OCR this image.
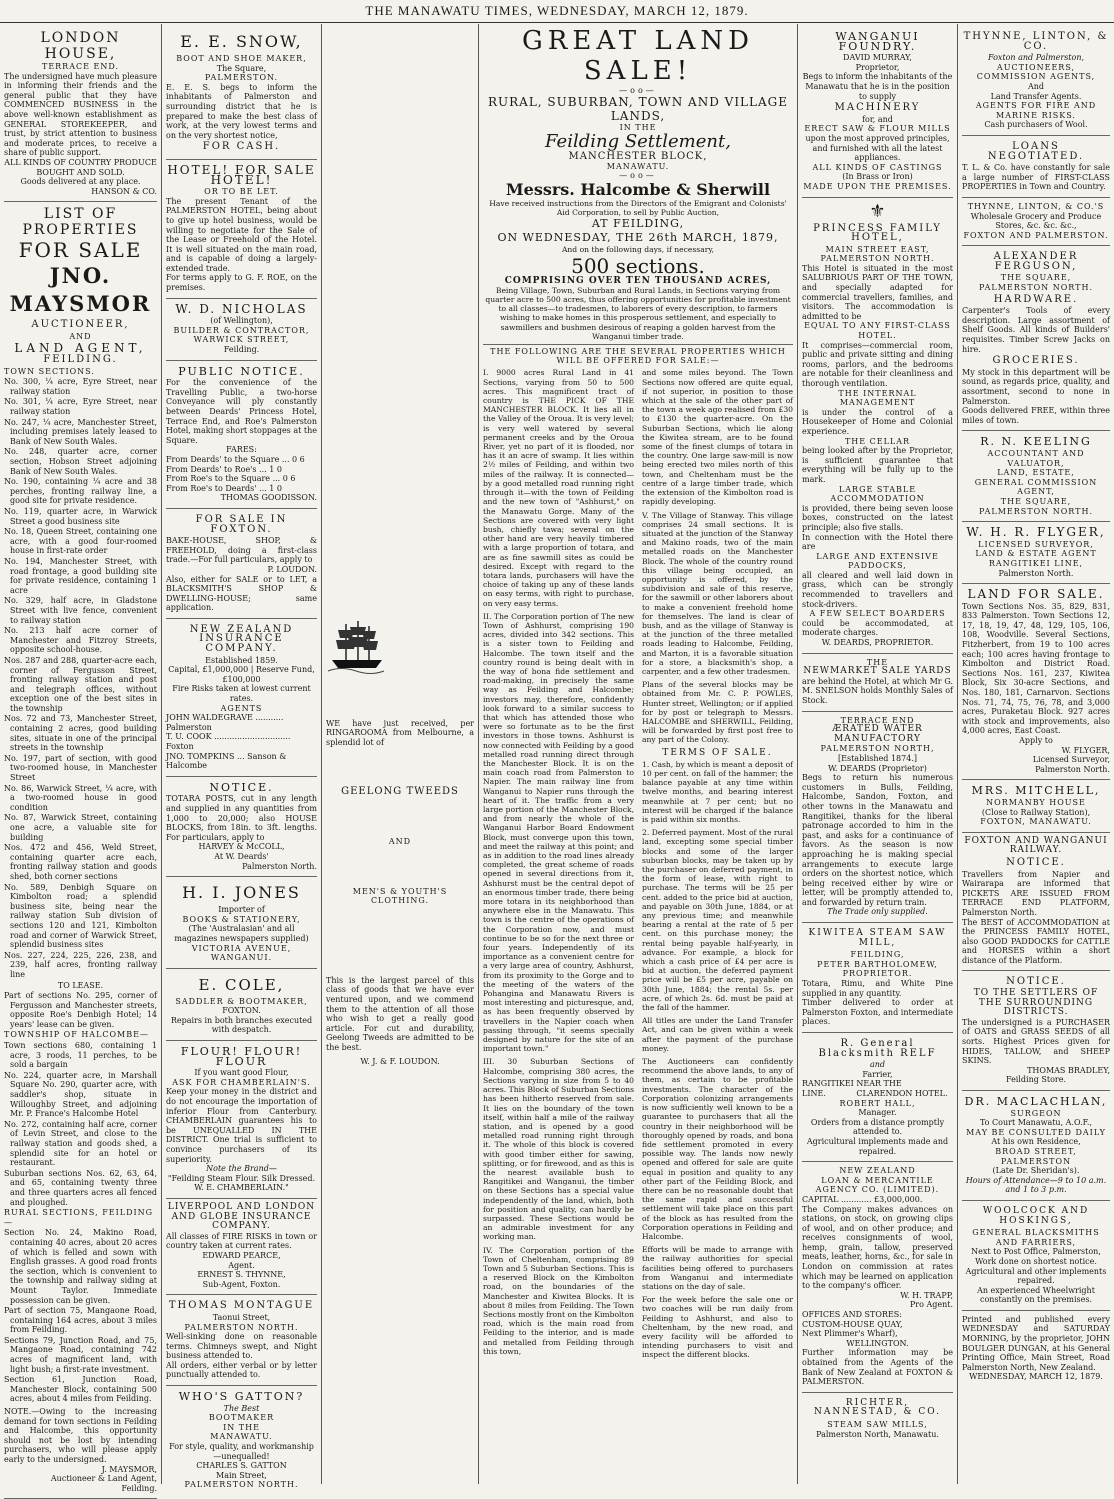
THE MANAWATU TIMES, WEDNESDAY, MARCH 12, 1879.
LONDON HOUSE,
TERRACE END.
The undersigned have much pleasure in informing their friends and the general public that they have COMMENCED BUSINESS in the above well-known establishment as GENERAL STOREKEEPER, and trust, by strict attention to business and moderate prices, to receive a share of public support.
ALL KINDS OF COUNTRY PRODUCE BOUGHT AND SOLD.
Goods delivered at any place.
HANSON & CO.
LIST OF PROPERTIES
FOR SALE
JNO. MAYSMOR
AUCTIONEER,
AND
LAND AGENT,
FEILDING.
TOWN SECTIONS.
No. 300, ¼ acre, Eyre Street, near railway station
No. 301, ¼ acre, Eyre Street, near railway station
No. 247, ¼ acre, Manchester Street, including premises lately leased to Bank of New South Wales.
No. 248, quarter acre, corner section, Hobson Street adjoining Bank of New South Wales.
No. 190, containing ¼ acre and 38 perches, fronting railway line, a good site for private residence.
No. 119, quarter acre, in Warwick Street a good business site
No. 18, Queen Street, containing one acre, with a good four-roomed house in first-rate order
No. 194, Manchester Street, with road frontage, a good building site for private residence, containing 1 acre
No. 329, half acre, in Gladstone Street with live fence, convenient to railway station
No. 213 half acre corner of Manchester and Fitzroy Streets, opposite school-house.
Nos. 287 and 288, quarter-acre each, corner of Fergusson Street, fronting railway station and post and telegraph offices, without exception one of the best sites in the township
Nos. 72 and 73, Manchester Street, containing 2 acres, good building sites, situate in one of the principal streets in the township
No. 197, part of section, with good two-roomed house, in Manchester Street
No. 86, Warwick Street, ¼ acre, with a two-roomed house in good condition
No. 87, Warwick Street, containing one acre, a valuable site for building
Nos. 472 and 456, Weld Street, containing quarter acre each, fronting railway station and goods shed, both corner sections
No. 589, Denbigh Square on Kimbolton road; a splendid business site, being near the railway station Sub division of sections 120 and 121, Kimbolton road and corner of Warwick Street, splendid business sites
Nos. 227, 224, 225, 226, 238, and 239, half acres, fronting railway line
TO LEASE.
Part of sections No. 295, corner of Fergusson and Manchester streets, opposite Roe's Denbigh Hotel; 14 years' lease can be given.
TOWNSHIP OF HALCOMBE—
Town sections 680, containing 1 acre, 3 roods, 11 perches, to be sold a bargain
No. 224, quarter acre, in Marshall Square No. 290, quarter acre, with saddler's shop, situate in Willoughby Street, and adjoining Mr. P. France's Halcombe Hotel
No. 272, containing half acre, corner of Levin Street, and close to the railway station and goods shed, a splendid site for an hotel or restaurant.
Suburban sections Nos. 62, 63, 64, and 65, containing twenty three and three quarters acres all fenced and ploughed.
RURAL SECTIONS, FEILDING—
Section No. 24, Makino Road, containing 40 acres, about 20 acres of which is felled and sown with English grasses. A good road fronts the section, which is convenient to the township and railway siding at Mount Taylor. Immediate possession can be given.
Part of section 75, Mangaone Road, containing 164 acres, about 3 miles from Feilding.
Sections 79, Junction Road, and 75, Mangaone Road, containing 742 acres of magnificent land, with light bush; a first-rate investment.
Section 61, Junction Road, Manchester Block, containing 500 acres, about 4 miles from Feilding.
NOTE.—Owing to the increasing demand for town sections in Feilding and Halcombe, this opportunity should not be lost by intending purchasers, who will please apply early to the undersigned.
J. MAYSMOR,
Auctioneer & Land Agent,
Feilding.
E. E. SNOW,
BOOT AND SHOE MAKER,
The Square,
PALMERSTON.
E. E. S. begs to inform the inhabitants of Palmerston and surrounding district that he is prepared to make the best class of work, at the very lowest terms and on the very shortest notice,
FOR CASH.
HOTEL! FOR SALE HOTEL!
OR TO BE LET.
The present Tenant of the PALMERSTON HOTEL, being about to give up hotel business, would be willing to negotiate for the Sale of the Lease or Freehold of the Hotel. It is well situated on the main road, and is capable of doing a largely-extended trade.
For terms apply to G. F. ROE, on the premises.
W. D. NICHOLAS
(of Wellington),
BUILDER & CONTRACTOR,
WARWICK STREET,
Feilding.
PUBLIC NOTICE.
For the convenience of the Travelling Public, a two-horse Conveyance will ply constantly between Deards' Princess Hotel, Terrace End, and Roe's Palmerston Hotel, making short stoppages at the Square.
FARES:
From Deards' to the Square ... 0 6
From Deards' to Roe's ... 1 0
From Roe's to the Square ... 0 6
From Roe's to Deards' ... 1 0
THOMAS GOODISSON.
FOR SALE IN FOXTON.
BAKE-HOUSE, SHOP, & FREEHOLD, doing a first-class trade.—For full particulars, apply to
P. LOUDON.
Also, either for SALE or to LET, a BLACKSMITH'S SHOP & DWELLING-HOUSE; same application.
NEW ZEALAND INSURANCE COMPANY.
Established 1859.
Capital, £1,000,000 | Reserve Fund, £100,000
Fire Risks taken at lowest current rates.
AGENTS
JOHN WALDEGRAVE ........... Palmerston
T. U. COOK .............................. Foxton
JNO. TOMPKINS ... Sanson & Halcombe
NOTICE.
TOTARA POSTS, cut in any length and supplied in any quantities from 1,000 to 20,000; also HOUSE BLOCKS, from 18in. to 3ft. lengths. For particulars, apply to
HARVEY & McCOLL,
At W. Deards'
Palmerston North.
H. I. JONES
Importer of
BOOKS & STATIONERY,
(The 'Australasian' and all magazines newspapers supplied)
VICTORIA AVENUE,
WANGANUI.
E. COLE,
SADDLER & BOOTMAKER,
FOXTON.
Repairs in both branches executed with despatch.
FLOUR! FLOUR! FLOUR
If you want good Flour,
ASK FOR CHAMBERLAIN'S.
Keep your money in the district and do not encourage the importation of inferior Flour from Canterbury. CHAMBERLAIN guarantees his to be UNEQUALLED IN THE DISTRICT. One trial is sufficient to convince purchasers of its superiority.
Note the Brand—
"Feilding Steam Flour. Silk Dressed. W. E. CHAMBERLAIN."
LIVERPOOL AND LONDON AND GLOBE INSURANCE COMPANY.
All classes of FIRE RISKS in town or country taken at current rates.
EDWARD PEARCE,
Agent.
ERNEST S. THYNNE,
Sub-Agent, Foxton.
THOMAS MONTAGUE
Taonui Street,
PALMERSTON NORTH.
Well-sinking done on reasonable terms. Chimneys swept, and Night business attended to.
All orders, either verbal or by letter punctually attended to.
WHO'S GATTON?
The Best
BOOTMAKER
IN THE
MANAWATU.
For style, quality, and workmanship—unequalled!
CHARLES S. GATTON
Main Street,
PALMERSTON NORTH.
WE have just received, per RINGAROOMA from Melbourne, a splendid lot of
GEELONG TWEEDS
AND
MEN'S & YOUTH'S CLOTHING.
This is the largest parcel of this class of goods that we have ever ventured upon, and we commend them to the attention of all those who wish to get a really good article. For cut and durability, Geelong Tweeds are admitted to be the best.
W. J. & F. LOUDON.
GREAT LAND SALE!
—oo—
RURAL, SUBURBAN, TOWN AND VILLAGE LANDS,
IN THE
Feilding Settlement,
MANCHESTER BLOCK,
MANAWATU.
—oo—
Messrs. Halcombe & Sherwill
Have received instructions from the Directors of the Emigrant and Colonists' Aid Corporation, to sell by Public Auction,
AT FEILDING,
ON WEDNESDAY, THE 26th MARCH, 1879,
And on the following days, if necessary,
500 sections.
COMPRISING OVER TEN THOUSAND ACRES,
Being Village, Town, Suburban and Rural Lands, in Sections varying from quarter acre to 500 acres, thus offering opportunities for profitable investment to all classes—to tradesmen, to laborers of every description, to farmers wishing to make homes in this prosperous settlement, and especially to sawmillers and bushmen desirous of reaping a golden harvest from the Wanganui timber trade.
THE FOLLOWING ARE THE SEVERAL PROPERTIES WHICH WILL BE OFFERED FOR SALE:—
I. 9000 acres Rural Land in 41 Sections, varying from 50 to 500 acres. This magnificent tract of country is THE PICK OF THE MANCHESTER BLOCK. It lies all in the Valley of the Oroua. It is very level; is very well watered by several permanent creeks and by the Oroua River, yet no part of it is flooded, nor has it an acre of swamp. It lies within 2½ miles of Feilding, and within two miles of the railway. It is connected—by a good metalled road running right through it—with the town of Feilding and the new town of "Ashhurst," on the Manawatu Gorge. Many of the Sections are covered with very light bush, chiefly tawa; several on the other hand are very heavily timbered with a large proportion of totara, and are as fine sawmill sites as could be desired. Except with regard to the totara lands, purchasers will have the choice of taking up any of these lands on easy terms, with right to purchase, on very easy terms.
II. The Corporation portion of The new Town of Ashhurst, comprising 190 acres, divided into 342 sections. This is a sister town to Feilding and Halcombe. The town itself and the country round is being dealt with in the way of bona fide settlement and road-making, in precisely the same way as Feilding and Halcombe; investors may, therefore, confidently look forward to a similar success to that which has attended those who were so fortunate as to be the first investors in those towns. Ashhurst is now connected with Feilding by a good metalled road running direct through the Manchester Block. It is on the main coach road from Palmerston to Napier. The main railway line from Wanganui to Napier runs through the heart of it. The traffic from a very large portion of the Manchester Block, and from nearly the whole of the Wanganui Harbor Board Endowment Block, must converge upon this town, and meet the railway at this point; and as in addition to the road lines already completed, the great scheme of roads opened in several directions from it, Ashhurst must be the central depot of an enormous timber trade, there being more totara in its neighborhood than anywhere else in the Manawatu. This town is the centre of the operations of the Corporation now, and must continue to be so for the next three or four years. Independently of its importance as a convenient centre for a very large area of country, Ashhurst, from its proximity to the Gorge and to the meeting of the waters of the Pohangina and Manawatu Rivers is most interesting and picturesque, and, as has been frequently observed by travellers in the Napier coach when passing through, "it seems specially designed by nature for the site of an important town."
III. 30 Suburban Sections of Halcombe, comprising 380 acres, the Sections varying in size from 5 to 40 acres. This Block of Suburban Sections has been hitherto reserved from sale. It lies on the boundary of the town itself, within half a mile of the railway station, and is opened by a good metalled road running right through it. The whole of this block is covered with good timber either for sawing, splitting, or for firewood, and as this is the nearest available bush to Rangitikei and Wanganui, the timber on these Sections has a special value independently of the land, which, both for position and quality, can hardly be surpassed. These Sections would be an admirable investment for any working man.
IV. The Corporation portion of the Town of Cheltenham, comprising 89 Town and 5 Suburban Sections. This is a reserved Block on the Kimbolton road, on the boundaries of the Manchester and Kiwitea Blocks. It is about 8 miles from Feilding. The Town Sections mostly front on the Kimbolton road, which is the main road from Feilding to the interior, and is made and metalled from Feilding through this town,
and some miles beyond. The Town Sections now offered are quite equal, if not superior, in position to those which at the sale of the other part of the town a week ago realised from £30 to £130 the quarter-acre. On the Suburban Sections, which lie along the Kiwitea stream, are to be found some of the finest clumps of totara in the country. One large saw-mill is now being erected two miles north of this town, and Cheltenham must be the centre of a large timber trade, which the extension of the Kimbolton road is rapidly developing.
V. The Village of Stanway. This village comprises 24 small sections. It is situated at the junction of the Stanway and Makino roads, two of the main metalled roads on the Manchester Block. The whole of the country round this village being occupied, an opportunity is offered, by the subdivision and sale of this reserve, for the sawmill or other laborers about to make a convenient freehold home for themselves. The land is clear of bush, and as the village of Stanway is at the junction of the three metalled roads leading to Halcombe, Feilding, and Marton, it is a favorable situation for a store, a blacksmith's shop, a carpenter, and a few other tradesmen.
Plans of the several blocks may be obtained from Mr. C. P. POWLES, Hunter street, Wellington; or if applied for by post or telegraph to Messrs. HALCOMBE and SHERWILL, Feilding, will be forwarded by first post free to any part of the Colony.
TERMS OF SALE.
1. Cash, by which is meant a deposit of 10 per cent. on fall of the hammer; the balance payable at any time within twelve months, and bearing interest meanwhile at 7 per cent; but no interest will be charged if the balance is paid within six months.
2. Deferred payment. Most of the rural land, excepting some special timber blocks and some of the larger suburban blocks, may be taken up by the purchaser on deferred payment, in the form of lease, with right to purchase. The terms will be 25 per cent. added to the price bid at auction, and payable on 30th June, 1884, or at any previous time; and meanwhile bearing a rental at the rate of 5 per cent. on this purchase money; the rental being payable half-yearly, in advance. For example, a block for which a cash price of £4 per acre is bid at auction, the deferred payment price will be £5 per acre, payable on 30th June, 1884; the rental 5s. per acre, of which 2s. 6d. must be paid at the fall of the hammer.
All titles are under the Land Transfer Act, and can be given within a week after the payment of the purchase money.
The Auctioneers can confidently recommend the above lands, to any of them, as certain to be profitable investments. The character of the Corporation colonizing arrangements is now sufficiently well known to be a guarantee to purchasers that all the country in their neighborhood will be thoroughly opened by roads, and bona fide settlement promoted in every possible way. The lands now newly opened and offered for sale are quite equal in position and quality to any other part of the Feilding Block, and there can be no reasonable doubt that the same rapid and successful settlement will take place on this part of the block as has resulted from the Corporation operations in Feilding and Halcombe.
Efforts will be made to arrange with the railway authorities for special facilities being offered to purchasers from Wanganui and intermediate stations on the day of sale.
For the week before the sale one or two coaches will be run daily from Feilding to Ashhurst, and also to Cheltenham, by the new road, and every facility will be afforded to intending purchasers to visit and inspect the different blocks.
WANGANUI FOUNDRY.
DAVID MURRAY,
Proprietor,
Begs to inform the inhabitants of the Manawatu that he is in the position to supply
MACHINERY
for, and
ERECT SAW & FLOUR MILLS
upon the most approved principles, and furnished with all the latest appliances.
ALL KINDS OF CASTINGS
(In Brass or Iron)
MADE UPON THE PREMISES.
⚜
PRINCESS FAMILY HOTEL,
MAIN STREET EAST,
PALMERSTON NORTH.
This Hotel is situated in the most SALUBRIOUS PART OF THE TOWN, and specially adapted for commercial travellers, families, and visitors. The accommodation is admitted to be
EQUAL TO ANY FIRST-CLASS HOTEL.
It comprises—commercial room, public and private sitting and dining rooms, parlors, and the bedrooms are notable for their cleanliness and thorough ventilation.
THE INTERNAL MANAGEMENT
is under the control of a Housekeeper of Home and Colonial experience.
THE CELLAR
being looked after by the Proprietor, is sufficient guarantee that everything will be fully up to the mark.
LARGE STABLE ACCOMMODATION
is provided, there being seven loose boxes, constructed on the latest principle; also five stalls.
In connection with the Hotel there are
LARGE AND EXTENSIVE PADDOCKS,
all cleared and well laid down in grass, which can be strongly recommended to travellers and stock-drivers.
A FEW SELECT BOARDERS
could be accommodated, at moderate charges.
W. DEARDS, PROPRIETOR.
THE
NEWMARKET SALE YARDS
are behind the Hotel, at which Mr G. M. SNELSON holds Monthly Sales of Stock.
TERRACE END
ÆRATED WATER MANUFACTORY
PALMERSTON NORTH,
[Established 1874.]
W. DEARDS (Proprietor)
Begs to return his numerous customers in Bulls, Feilding, Halcombe, Sandon, Foxton, and other towns in the Manawatu and Rangitikei, thanks for the liberal patronage accorded to him in the past, and asks for a continuance of favors. As the season is now approaching he is making special arrangements to execute large orders on the shortest notice, which being received either by wire or letter, will be promptly attended to, and forwarded by return train.
The Trade only supplied.
KIWITEA STEAM SAW MILL,
FEILDING,
PETER BARTHOLOMEW,
PROPRIETOR.
Totara, Rimu, and White Pine supplied in any quantity.
Timber delivered to order at Palmerston Foxton, and intermediate places.
R. General Blacksmith RELF
and
Farrier,
RANGITIKEI LINE.
NEAR THE CLARENDON HOTEL.
ROBERT HALL,
Manager.
Orders from a distance promptly attended to.
Agricultural implements made and repaired.
NEW ZEALAND
LOAN & MERCANTILE AGENCY CO. (LIMITED).
CAPITAL ............ £3,000,000.
The Company makes advances on stations, on stock, on growing clips of wool, and on other produce; and receives consignments of wool, hemp, grain, tallow, preserved meats, leather, horns, &c., for sale in London on commission at rates which may be learned on application to the company's officer.
W. H. TRAPP,
Pro Agent.
OFFICES AND STORES:
CUSTOM-HOUSE QUAY,
Next Plimmer's Wharf),
WELLINGTON.
Further information may be obtained from the Agents of the Bank of New Zealand at FOXTON & PALMERSTON.
RICHTER, NANNESTAD, & CO.
STEAM SAW MILLS,
Palmerston North, Manawatu.
THYNNE, LINTON, & CO.
Foxton and Palmerston,
AUCTIONEERS, COMMISSION AGENTS,
And
Land Transfer Agents.
AGENTS FOR FIRE AND MARINE RISKS.
Cash purchasers of Wool.
LOANS NEGOTIATED.
T. L. & Co. have constantly for sale a large number of FIRST-CLASS PROPERTIES in Town and Country.
THYNNE, LINTON, & CO.'S
Wholesale Grocery and Produce Stores, &c. &c. &c.,
FOXTON AND PALMERSTON.
ALEXANDER FERGUSON,
THE SQUARE,
PALMERSTON NORTH.
HARDWARE.
Carpenter's Tools of every description. Large assortment of Shelf Goods. All kinds of Builders' requisites. Timber Screw Jacks on hire.
GROCERIES.
My stock in this department will be sound, as regards price, quality, and assortment, second to none in Palmerston.
Goods delivered FREE, within three miles of town.
R. N. KEELING
ACCOUNTANT AND VALUATOR,
LAND, ESTATE,
GENERAL COMMISSION AGENT,
THE SQUARE,
PALMERSTON NORTH.
W. H. R. FLYGER,
LICENSED SURVEYOR,
LAND & ESTATE AGENT
RANGITIKEI LINE,
Palmerston North.
LAND FOR SALE.
Town Sections Nos. 35, 829, 831, 833 Palmerston. Town Sections 12, 17, 18, 19, 47, 48, 129, 105, 106, 108, Woodville. Several Sections, Fitzherbert, from 19 to 100 acres each; 100 acres having frontage to Kimbolton and District Road. Sections Nos. 161, 237, Kiwitea Block, Six 30-acre Sections, and Nos. 180, 181, Carnarvon. Sections Nos. 71, 74, 75, 76, 78, and 3,000 acres, Puraketau Block. 927 acres with stock and improvements, also 4,000 acres, East Coast.
Apply to
W. FLYGER,
Licensed Surveyor,
Palmerston North.
MRS. MITCHELL,
NORMANBY HOUSE
(Close to Railway Station),
FOXTON, MANAWATU.
FOXTON AND WANGANUI RAILWAY.
NOTICE.
Travellers from Napier and Wairarapa are informed that PICKETS ARE ISSUED FROM TERRACE END PLATFORM, Palmerston North.
The BEST of ACCOMMODATION at the PRINCESS FAMILY HOTEL, also GOOD PADDOCKS for CATTLE and HORSES within a short distance of the Platform.
NOTICE.
TO THE SETTLERS OF THE SURROUNDING DISTRICTS.
The undersigned is a PURCHASER of OATS and GRASS SEEDS of all sorts. Highest Prices given for HIDES, TALLOW, and SHEEP SKINS.
THOMAS BRADLEY,
Feilding Store.
DR. MACLACHLAN,
SURGEON
To Court Manawatu, A.O.F.,
MAY BE CONSULTED DAILY
At his own Residence,
BROAD STREET, PALMERSTON
(Late Dr. Sheridan's).
Hours of Attendance—9 to 10 a.m. and 1 to 3 p.m.
WOOLCOCK AND HOSKINGS,
GENERAL BLACKSMITHS AND FARRIERS,
Next to Post Office, Palmerston,
Work done on shortest notice. Agricultural and other implements repaired.
An experienced Wheelwright constantly on the premises.
Printed and published every WEDNESDAY and SATURDAY MORNING, by the proprietor, JOHN BOULGER DUNGAN, at his General Printing Office, Main Street, Road Palmerston North, New Zealand.
WEDNESDAY, MARCH 12, 1879.
